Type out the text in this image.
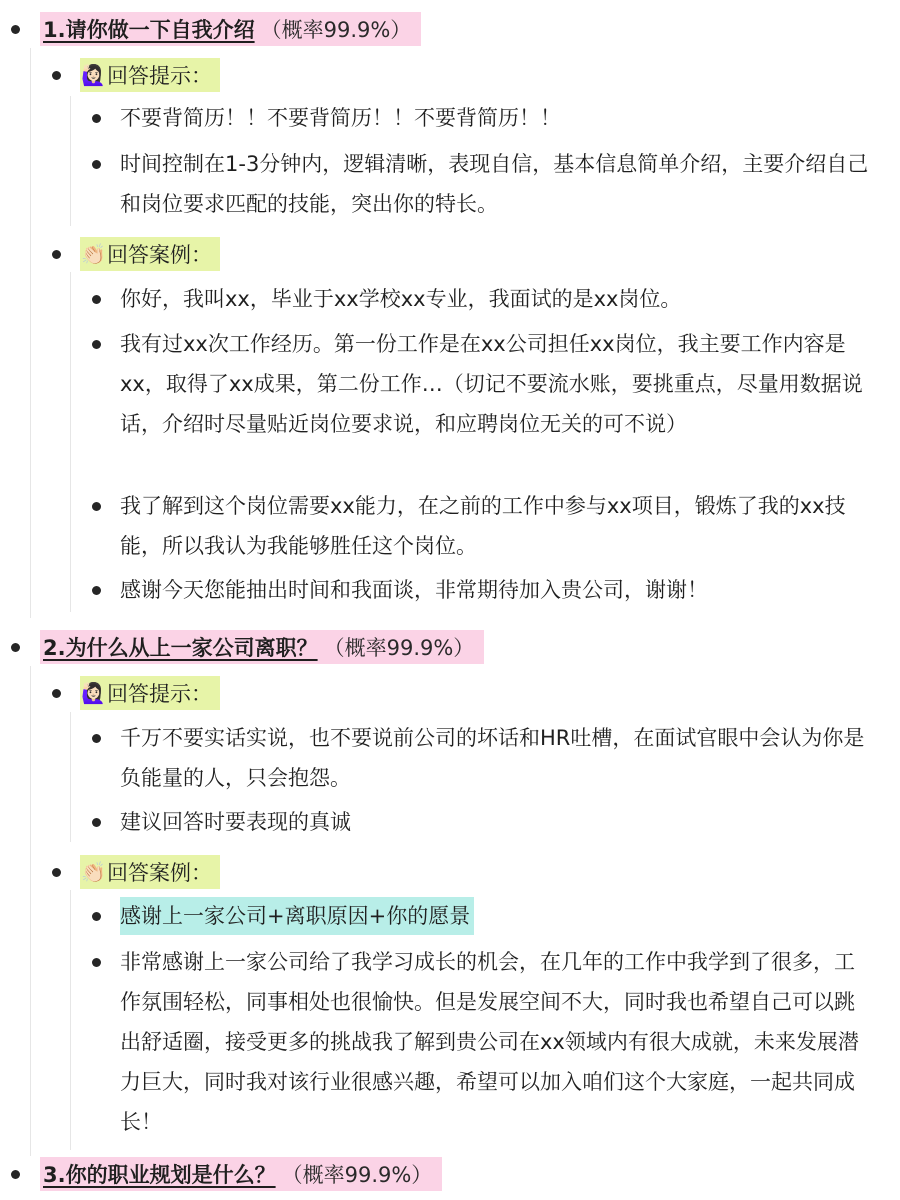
1.请你做一下自我介绍 （概率99.9%）
🙋🏻‍♀️ 回答提示：
不要背简历！！不要背简历！！不要背简历！！
时间控制在1-3分钟内，逻辑清晰，表现自信，基本信息简单介绍，主要介绍自己和岗位要求匹配的技能，突出你的特长。
👏🏻 回答案例：
你好，我叫xx，毕业于xx学校xx专业，我面试的是xx岗位。
我有过xx次工作经历。第一份工作是在xx公司担任xx岗位，我主要工作内容是xx，取得了xx成果，第二份工作…（切记不要流水账，要挑重点，尽量用数据说话，介绍时尽量贴近岗位要求说，和应聘岗位无关的可不说）
我了解到这个岗位需要xx能力，在之前的工作中参与xx项目，锻炼了我的xx技能，所以我认为我能够胜任这个岗位。
感谢今天您能抽出时间和我面谈，非常期待加入贵公司，谢谢！
2.为什么从上一家公司离职？ （概率99.9%）
🙋🏻‍♀️ 回答提示：
千万不要实话实说，也不要说前公司的坏话和HR吐槽，在面试官眼中会认为你是负能量的人，只会抱怨。
建议回答时要表现的真诚
👏🏻 回答案例：
感谢上一家公司+离职原因+你的愿景
非常感谢上一家公司给了我学习成长的机会，在几年的工作中我学到了很多，工作氛围轻松，同事相处也很愉快。但是发展空间不大，同时我也希望自己可以跳出舒适圈，接受更多的挑战我了解到贵公司在xx领域内有很大成就，未来发展潜力巨大，同时我对该行业很感兴趣，希望可以加入咱们这个大家庭，一起共同成长！
3.你的职业规划是什么？ （概率99.9%）
